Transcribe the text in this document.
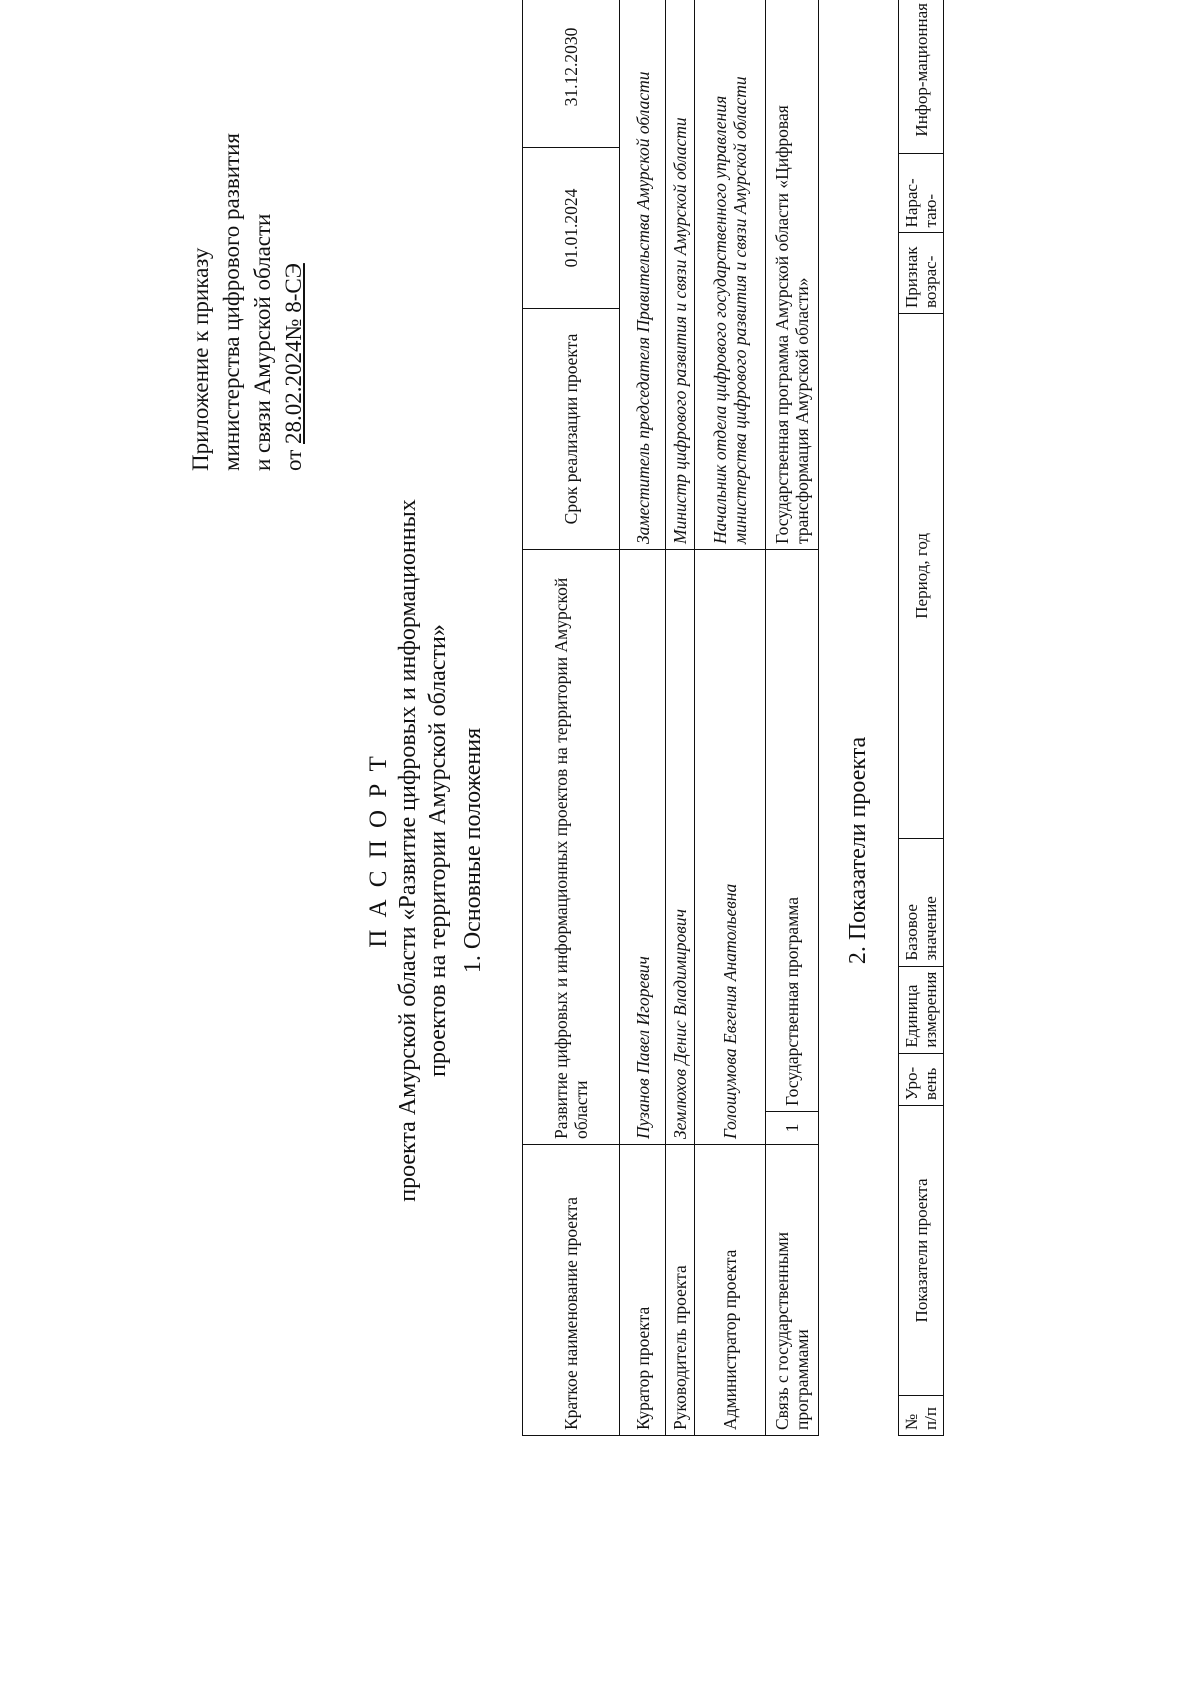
Приложение к приказу министерства цифрового развития и связи Амурской области от 28.02.2024№ 8-СЭ
П А С П О Р Т проекта Амурской области «Развитие цифровых и информационных проектов на территории Амурской области» 1. Основные положения
Краткое наименование проекта	Развитие цифровых и информационных проектов на территории Амурской области		Срок реализации проекта	01.01.2024	31.12.2030
Куратор проекта	Пузанов Павел Игоревич		Заместитель председателя Правительства Амурской области		
Руководитель проекта	Землюхов Денис Владимирович		Министр цифрового развития и связи Амурской области		
Администратор проекта	Голошумова Евгения Анатольевна		Начальник отдела цифрового государственного управления министерства цифрового развития и связи Амурской области		
Связь с государственными программами	1	Государственная программа	Государственная программа Амурской области «Цифровая трансформация Амурской области»		
2. Показатели проекта
№ п/п	Показатели проекта	Уро-вень	Единица измерения	Базовое значение	Период, год	Признак возрас-	Нарас-таю-	Инфор-мационная
